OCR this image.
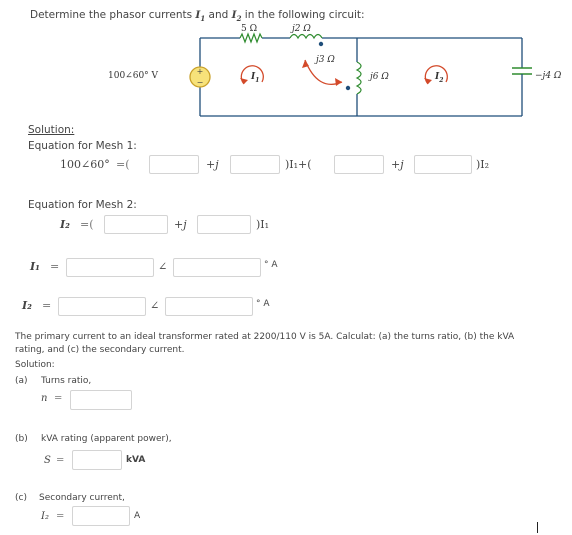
Determine the phasor currents $I_1$ and $I_2$ in the following circuit:
+
−
5 Ω	j2 Ω
j3 Ω
j6 Ω	−j4 Ω
100∠60° V	$I_1$	$I_2$
Solution:
Equation for Mesh 1:
100∠60° =(	+j	)I₁+(	+j	)I₂
Equation for Mesh 2:
I₂ =(	+j	)I₁
I₁ =	∠	° A
I₂ =	∠	° A
The primary current to an ideal transformer rated at 2200/110 V is 5A. Calculat: (a) the turns ratio, (b) the kVA rating, and (c) the secondary current.
Solution:
(a) Turns ratio,
n =
(b) kVA rating (apparent power),
S =	kVA
(c) Secondary current,
I₂ =	A
